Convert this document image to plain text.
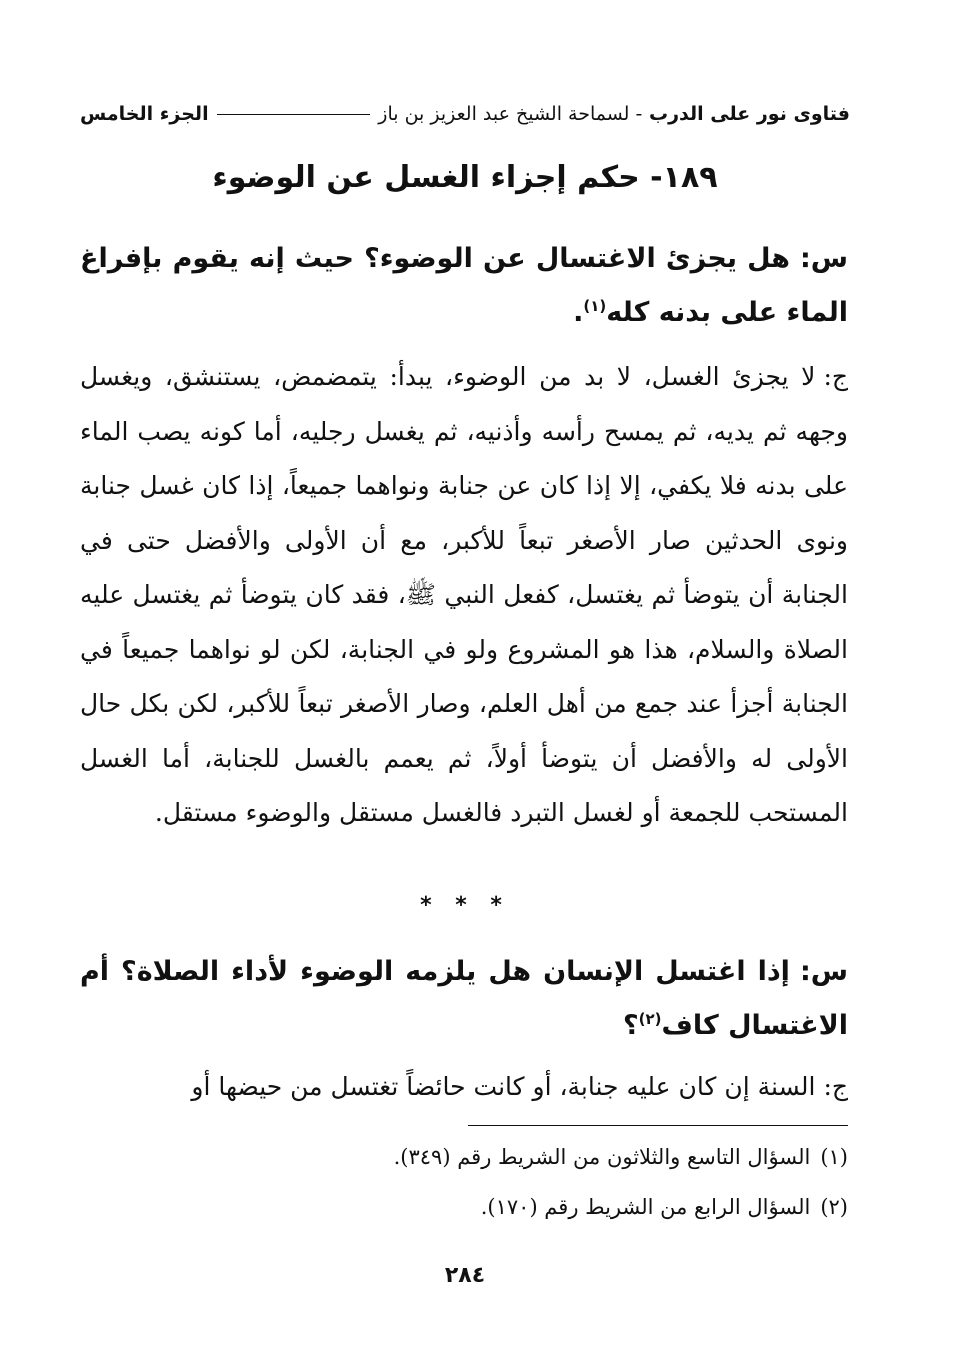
فتاوى نور على الدرب - لسماحة الشيخ عبد العزيز بن باز
الجزء الخامس
١٨٩- حكم إجزاء الغسل عن الوضوء
س:هل يجزئ الاغتسال عن الوضوء؟ حيث إنه يقوم بإفراغ الماء على بدنه كله$^{(١)}$.
ج:لا يجزئ الغسل، لا بد من الوضوء، يبدأ: يتمضمض، يستنشق، ويغسل وجهه ثم يديه، ثم يمسح رأسه وأذنيه، ثم يغسل رجليه، أما كونه يصب الماء على بدنه فلا يكفي، إلا إذا كان عن جنابة ونواهما جميعاً، إذا كان غسل جنابة ونوى الحدثين صار الأصغر تبعاً للأكبر، مع أن الأولى والأفضل حتى في الجنابة أن يتوضأ ثم يغتسل، كفعل النبي ﷺ، فقد كان يتوضأ ثم يغتسل عليه الصلاة والسلام، هذا هو المشروع ولو في الجنابة، لكن لو نواهما جميعاً في الجنابة أجزأ عند جمع من أهل العلم، وصار الأصغر تبعاً للأكبر، لكن بكل حال الأولى له والأفضل أن يتوضأ أولاً، ثم يعمم بالغسل للجنابة، أما الغسل المستحب للجمعة أو لغسل التبرد فالغسل مستقل والوضوء مستقل.
* * *
س:إذا اغتسل الإنسان هل يلزمه الوضوء لأداء الصلاة؟ أم الاغتسال كاف$^{(٢)}$؟
ج:السنة إن كان عليه جنابة، أو كانت حائضاً تغتسل من حيضها أو
(١)السؤال التاسع والثلاثون من الشريط رقم (٣٤٩).
(٢)السؤال الرابع من الشريط رقم (١٧٠).
٢٨٤
